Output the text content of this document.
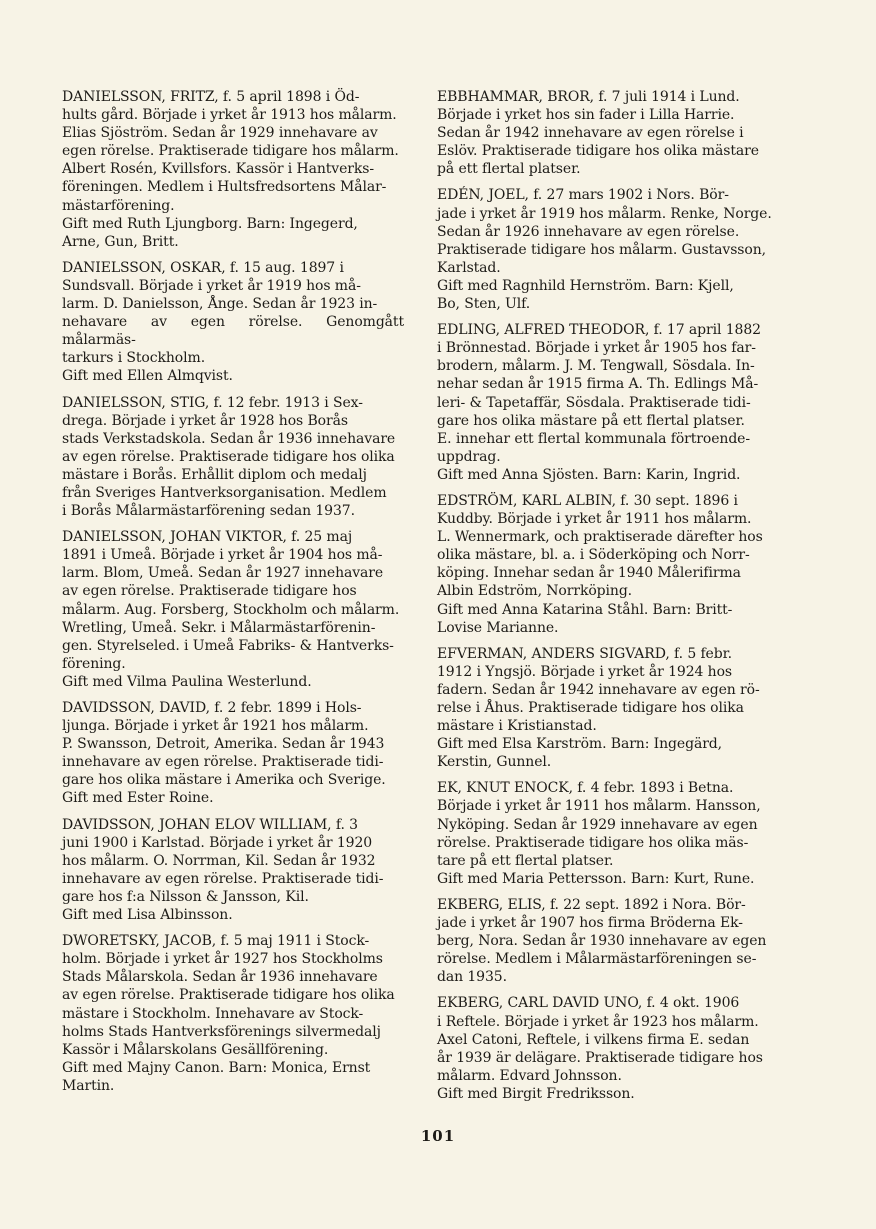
DANIELSSON, FRITZ, f. 5 april 1898 i Öd-
hults gård. Började i yrket år 1913 hos målarm.
Elias Sjöström. Sedan år 1929 innehavare av
egen rörelse. Praktiserade tidigare hos målarm.
Albert Rosén, Kvillsfors. Kassör i Hantverks-
föreningen. Medlem i Hultsfredsortens Målar-
mästarförening.
Gift med Ruth Ljungborg. Barn: Ingegerd,
Arne, Gun, Britt.

DANIELSSON, OSKAR, f. 15 aug. 1897 i
Sundsvall. Började i yrket år 1919 hos må-
larm. D. Danielsson, Ånge. Sedan år 1923 in-
nehavare av egen rörelse. Genomgått målarmäs-
tarkurs i Stockholm.
Gift med Ellen Almqvist.

DANIELSSON, STIG, f. 12 febr. 1913 i Sex-
drega. Började i yrket år 1928 hos Borås
stads Verkstadskola. Sedan år 1936 innehavare
av egen rörelse. Praktiserade tidigare hos olika
mästare i Borås. Erhållit diplom och medalj
från Sveriges Hantverksorganisation. Medlem
i Borås Målarmästarförening sedan 1937.

DANIELSSON, JOHAN VIKTOR, f. 25 maj
1891 i Umeå. Började i yrket år 1904 hos må-
larm. Blom, Umeå. Sedan år 1927 innehavare
av egen rörelse. Praktiserade tidigare hos
målarm. Aug. Forsberg, Stockholm och målarm.
Wretling, Umeå. Sekr. i Målarmästarförenin-
gen. Styrelseled. i Umeå Fabriks- & Hantverks-
förening.
Gift med Vilma Paulina Westerlund.

DAVIDSSON, DAVID, f. 2 febr. 1899 i Hols-
ljunga. Började i yrket år 1921 hos målarm.
P. Swansson, Detroit, Amerika. Sedan år 1943
innehavare av egen rörelse. Praktiserade tidi-
gare hos olika mästare i Amerika och Sverige.
Gift med Ester Roine.

DAVIDSSON, JOHAN ELOV WILLIAM, f. 3
juni 1900 i Karlstad. Började i yrket år 1920
hos målarm. O. Norrman, Kil. Sedan år 1932
innehavare av egen rörelse. Praktiserade tidi-
gare hos f:a Nilsson & Jansson, Kil.
Gift med Lisa Albinsson.

DWORETSKY, JACOB, f. 5 maj 1911 i Stock-
holm. Började i yrket år 1927 hos Stockholms
Stads Målarskola. Sedan år 1936 innehavare
av egen rörelse. Praktiserade tidigare hos olika
mästare i Stockholm. Innehavare av Stock-
holms Stads Hantverksförenings silvermedalj
Kassör i Målarskolans Gesällförening.
Gift med Majny Canon. Barn: Monica, Ernst
Martin.

EBBHAMMAR, BROR, f. 7 juli 1914 i Lund.
Började i yrket hos sin fader i Lilla Harrie.
Sedan år 1942 innehavare av egen rörelse i
Eslöv. Praktiserade tidigare hos olika mästare
på ett flertal platser.

EDÉN, JOEL, f. 27 mars 1902 i Nors. Bör-
jade i yrket år 1919 hos målarm. Renke, Norge.
Sedan år 1926 innehavare av egen rörelse.
Praktiserade tidigare hos målarm. Gustavsson,
Karlstad.
Gift med Ragnhild Hernström. Barn: Kjell,
Bo, Sten, Ulf.

EDLING, ALFRED THEODOR, f. 17 april 1882
i Brönnestad. Började i yrket år 1905 hos far-
brodern, målarm. J. M. Tengwall, Sösdala. In-
nehar sedan år 1915 firma A. Th. Edlings Må-
leri- & Tapetaffär, Sösdala. Praktiserade tidi-
gare hos olika mästare på ett flertal platser.
E. innehar ett flertal kommunala förtroende-
uppdrag.
Gift med Anna Sjösten. Barn: Karin, Ingrid.

EDSTRÖM, KARL ALBIN, f. 30 sept. 1896 i
Kuddby. Började i yrket år 1911 hos målarm.
L. Wennermark, och praktiserade därefter hos
olika mästare, bl. a. i Söderköping och Norr-
köping. Innehar sedan år 1940 Målerifirma
Albin Edström, Norrköping.
Gift med Anna Katarina Ståhl. Barn: Britt-
Lovise Marianne.

EFVERMAN, ANDERS SIGVARD, f. 5 febr.
1912 i Yngsjö. Började i yrket år 1924 hos
fadern. Sedan år 1942 innehavare av egen rö-
relse i Åhus. Praktiserade tidigare hos olika
mästare i Kristianstad.
Gift med Elsa Karström. Barn: Ingegärd,
Kerstin, Gunnel.

EK, KNUT ENOCK, f. 4 febr. 1893 i Betna.
Började i yrket år 1911 hos målarm. Hansson,
Nyköping. Sedan år 1929 innehavare av egen
rörelse. Praktiserade tidigare hos olika mäs-
tare på ett flertal platser.
Gift med Maria Pettersson. Barn: Kurt, Rune.

EKBERG, ELIS, f. 22 sept. 1892 i Nora. Bör-
jade i yrket år 1907 hos firma Bröderna Ek-
berg, Nora. Sedan år 1930 innehavare av egen
rörelse. Medlem i Målarmästarföreningen se-
dan 1935.

EKBERG, CARL DAVID UNO, f. 4 okt. 1906
i Reftele. Började i yrket år 1923 hos målarm.
Axel Catoni, Reftele, i vilkens firma E. sedan
år 1939 är delägare. Praktiserade tidigare hos
målarm. Edvard Johnsson.
Gift med Birgit Fredriksson.

101
